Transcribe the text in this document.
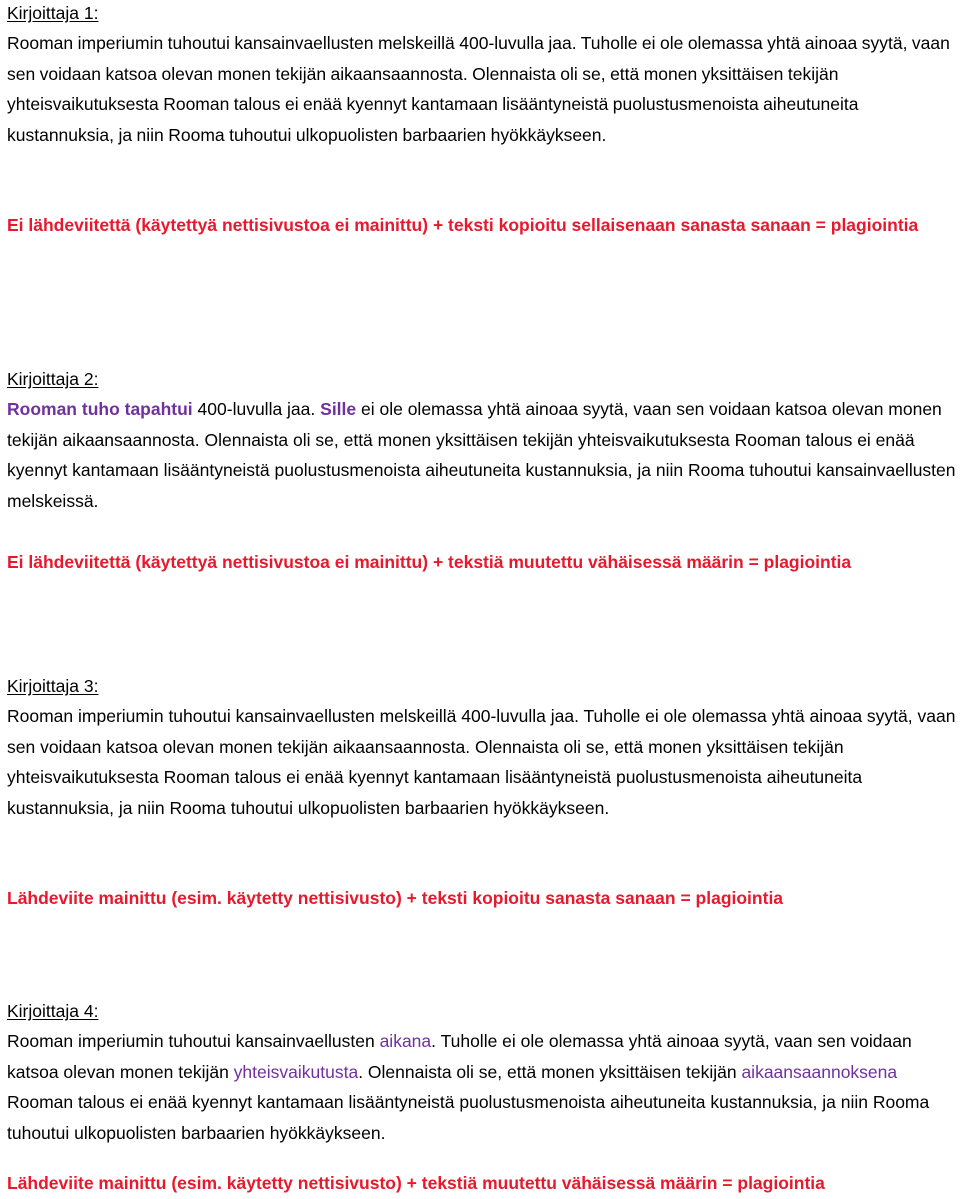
Kirjoittaja 1:

Rooman imperiumin tuhoutui kansainvaellusten melskeillä 400-luvulla jaa. Tuholle ei ole olemassa yhtä ainoaa syytä, vaan sen voidaan katsoa olevan monen tekijän aikaansaannosta. Olennaista oli se, että monen yksittäisen tekijän yhteisvaikutuksesta Rooman talous ei enää kyennyt kantamaan lisääntyneistä puolustusmenoista aiheutuneita kustannuksia, ja niin Rooma tuhoutui ulkopuolisten barbaarien hyökkäykseen.

Ei lähdeviitettä (käytettyä nettisivustoa ei mainittu) + teksti kopioitu sellaisenaan sanasta sanaan = plagiointia

Kirjoittaja 2:

Rooman tuho tapahtui 400-luvulla jaa. Sille ei ole olemassa yhtä ainoaa syytä, vaan sen voidaan katsoa olevan monen tekijän aikaansaannosta. Olennaista oli se, että monen yksittäisen tekijän yhteisvaikutuksesta Rooman talous ei enää kyennyt kantamaan lisääntyneistä puolustusmenoista aiheutuneita kustannuksia, ja niin Rooma tuhoutui kansainvaellusten melskeissä.

Ei lähdeviitettä (käytettyä nettisivustoa ei mainittu) + tekstiä muutettu vähäisessä määrin = plagiointia

Kirjoittaja 3:

Rooman imperiumin tuhoutui kansainvaellusten melskeillä 400-luvulla jaa. Tuholle ei ole olemassa yhtä ainoaa syytä, vaan sen voidaan katsoa olevan monen tekijän aikaansaannosta. Olennaista oli se, että monen yksittäisen tekijän yhteisvaikutuksesta Rooman talous ei enää kyennyt kantamaan lisääntyneistä puolustusmenoista aiheutuneita kustannuksia, ja niin Rooma tuhoutui ulkopuolisten barbaarien hyökkäykseen.

Lähdeviite mainittu (esim. käytetty nettisivusto) + teksti kopioitu sanasta sanaan = plagiointia

Kirjoittaja 4:

Rooman imperiumin tuhoutui kansainvaellusten aikana. Tuholle ei ole olemassa yhtä ainoaa syytä, vaan sen voidaan katsoa olevan monen tekijän yhteisvaikutusta. Olennaista oli se, että monen yksittäisen tekijän aikaansaannoksena Rooman talous ei enää kyennyt kantamaan lisääntyneistä puolustusmenoista aiheutuneita kustannuksia, ja niin Rooma tuhoutui ulkopuolisten barbaarien hyökkäykseen.

Lähdeviite mainittu (esim. käytetty nettisivusto) + tekstiä muutettu vähäisessä määrin = plagiointia
